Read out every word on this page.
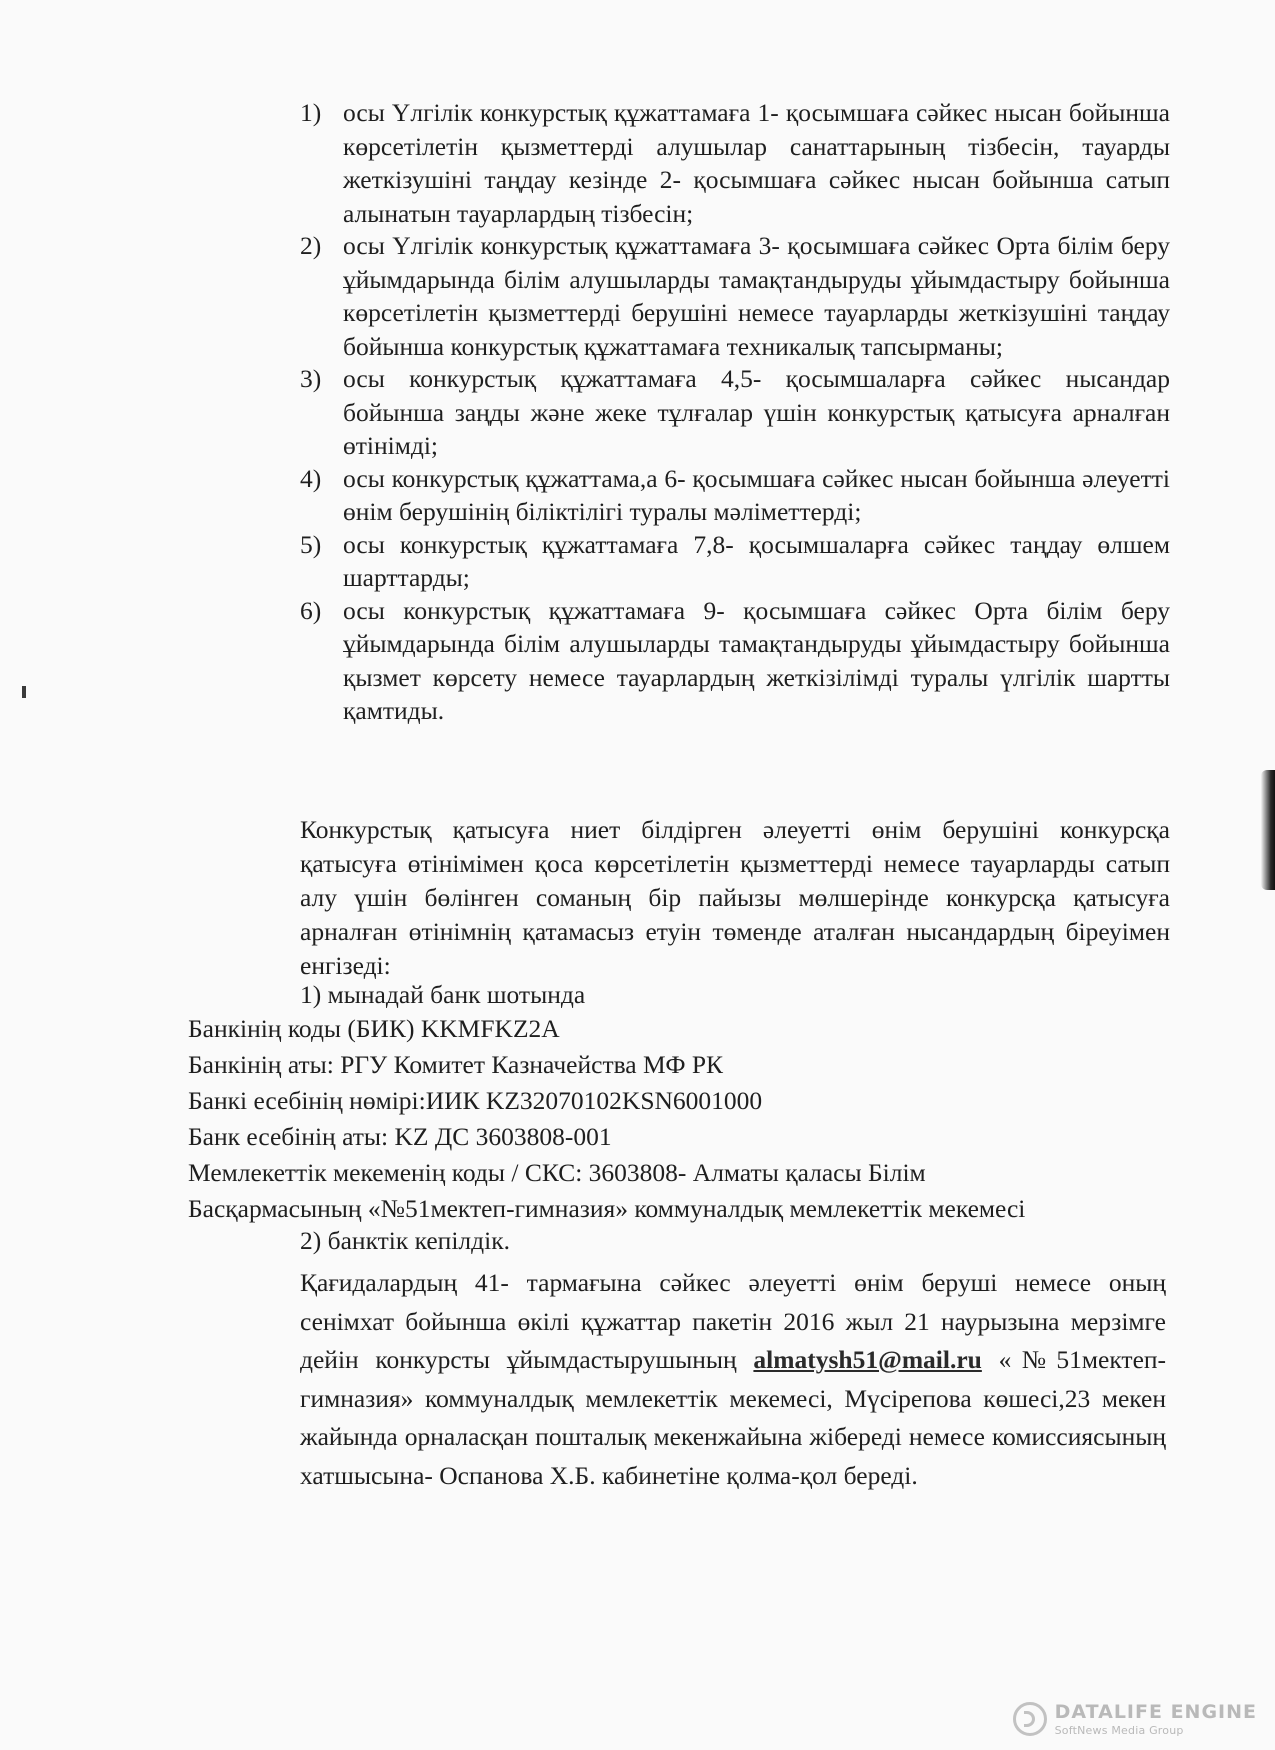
1) осы Үлгілік конкурстық құжаттамаға 1- қосымшаға сәйкес нысан бойынша көрсетілетін қызметтерді алушылар санаттарының тізбесін, тауарды жеткізушіні таңдау кезінде 2- қосымшаға сәйкес нысан бойынша сатып алынатын тауарлардың тізбесін;
2) осы Үлгілік конкурстық құжаттамаға 3- қосымшаға сәйкес Орта білім беру ұйымдарында білім алушыларды тамақтандыруды ұйымдастыру бойынша көрсетілетін қызметтерді берушіні немесе тауарларды жеткізушіні таңдау бойынша конкурстық құжаттамаға техникалық тапсырманы;
3) осы конкурстық құжаттамаға 4,5- қосымшаларға сәйкес нысандар бойынша заңды және жеке тұлғалар үшін конкурстық қатысуға арналған өтінімді;
4) осы конкурстық құжаттама,а 6- қосымшаға сәйкес нысан бойынша әлеуетті өнім берушінің біліктілігі туралы мәліметтерді;
5) осы конкурстық құжаттамаға 7,8- қосымшаларға сәйкес таңдау өлшем шарттарды;
6) осы конкурстық құжаттамаға 9- қосымшаға сәйкес Орта білім беру ұйымдарында білім алушыларды тамақтандыруды ұйымдастыру бойынша қызмет көрсету немесе тауарлардың жеткізілімді туралы үлгілік шартты қамтиды.
Конкурстық қатысуға ниет білдірген әлеуетті өнім берушіні конкурсқа қатысуға өтінімімен қоса көрсетілетін қызметтерді немесе тауарларды сатып алу үшін бөлінген соманың бір пайызы мөлшерінде конкурсқа қатысуға арналған өтінімнің қатамасыз етуін төменде аталған нысандардың біреуімен енгізеді:
1) мынадай банк шотында
Банкінің коды (БИК) KKMFKZ2A
Банкінің аты: РГУ Комитет Казначейства МФ РК
Банкі есебінің нөмірі:ИИК KZ32070102KSN6001000
Банк есебінің аты: KZ ДС 3603808-001
Мемлекеттік мекеменің коды / СКС: 3603808- Алматы қаласы Білім
Басқармасының «№51мектеп-гимназия» коммуналдық мемлекеттік мекемесі
2) банктік кепілдік.
Қағидалардың 41- тармағына сәйкес әлеуетті өнім беруші немесе оның сенімхат бойынша өкілі құжаттар пакетін 2016 жыл 21 наурызына мерзімге дейін конкурсты ұйымдастырушының almatysh51@mail.ru «№51мектеп-гимназия» коммуналдық мемлекеттік мекемесі, Мүсірепова көшесі,23 мекен жайында орналасқан пошталық мекенжайына жібереді немесе комиссиясының хатшысына- Оспанова Х.Б. кабинетіне қолма-қол береді.
DATALIFE ENGINE
SoftNews Media Group
